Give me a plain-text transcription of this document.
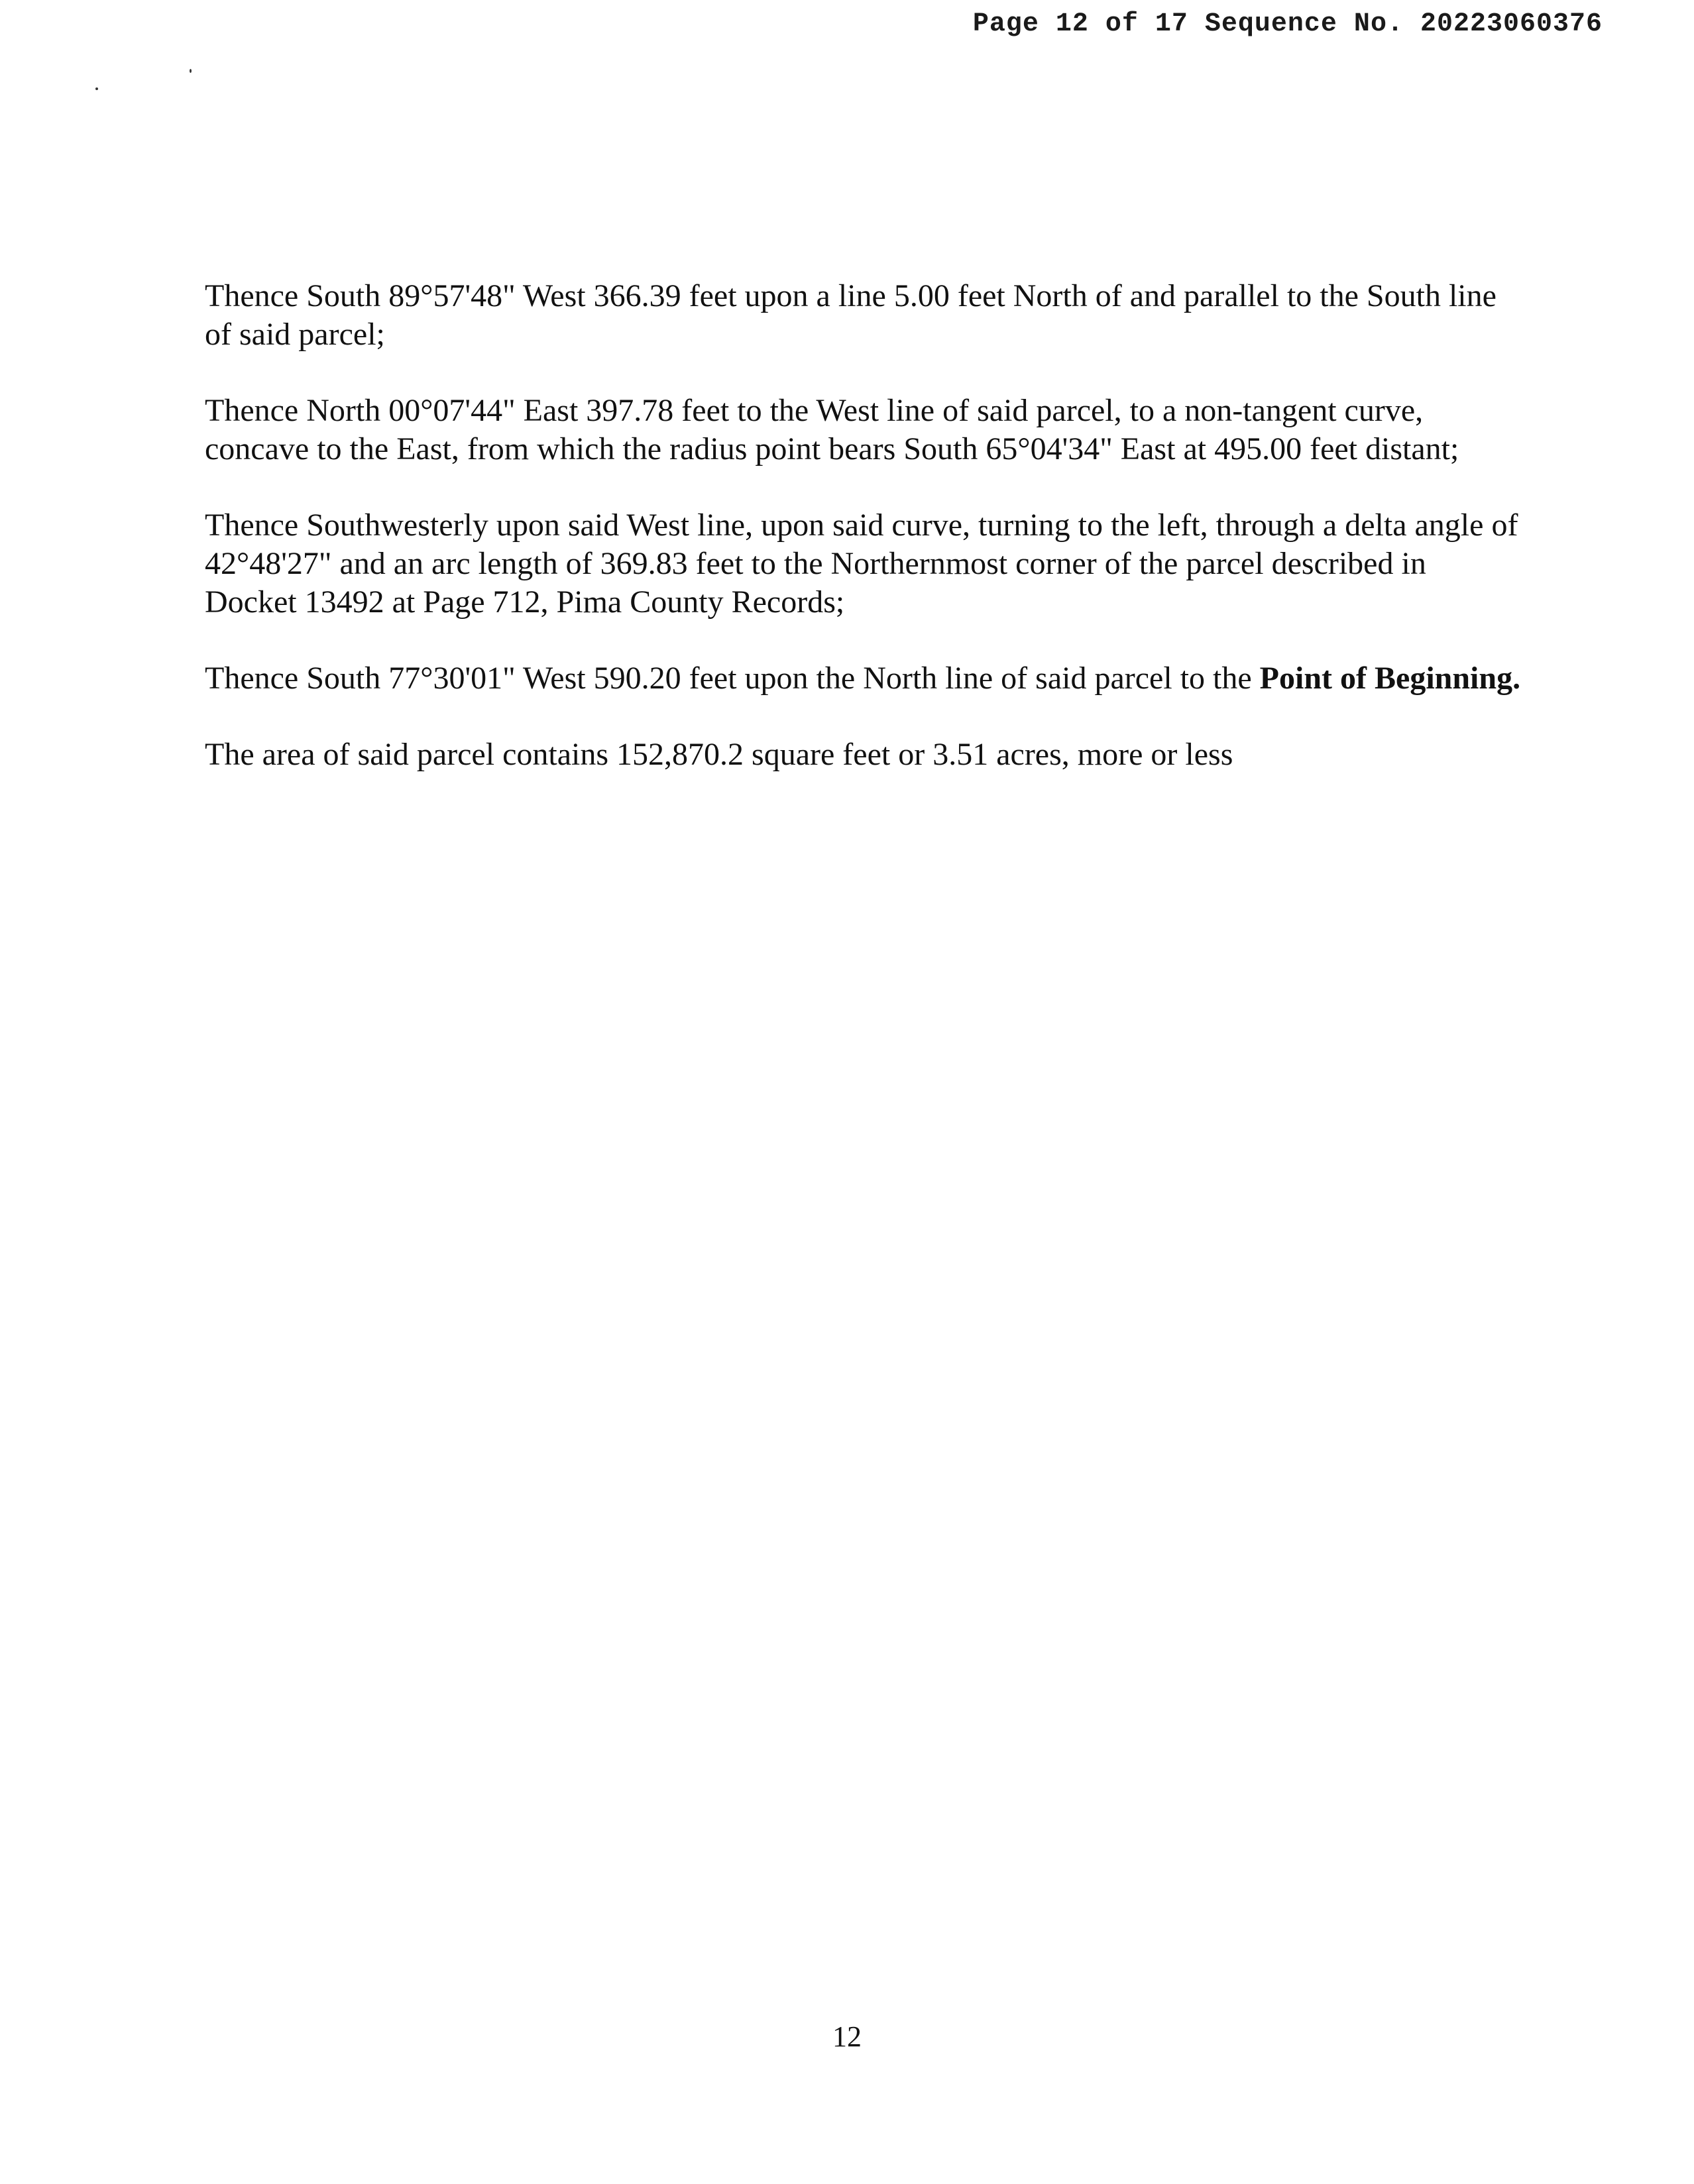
Page 12 of 17 Sequence No. 20223060376

Thence South 89°57'48" West 366.39 feet upon a line 5.00 feet North of and parallel to the South line of said parcel;

Thence North 00°07'44" East 397.78 feet to the West line of said parcel, to a non-tangent curve, concave to the East, from which the radius point bears South 65°04'34" East at 495.00 feet distant;

Thence Southwesterly upon said West line, upon said curve, turning to the left, through a delta angle of 42°48'27" and an arc length of 369.83 feet to the Northernmost corner of the parcel described in Docket 13492 at Page 712, Pima County Records;

Thence South 77°30'01" West 590.20 feet upon the North line of said parcel to the Point of Beginning.

The area of said parcel contains 152,870.2 square feet or 3.51 acres, more or less

12
